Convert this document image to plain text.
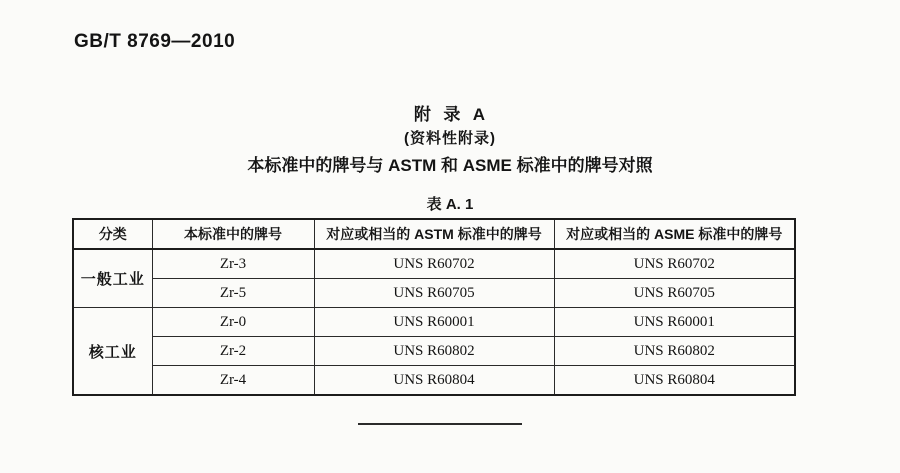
GB/T 8769—2010
附  录  A
(资料性附录)
本标准中的牌号与 ASTM 和 ASME 标准中的牌号对照
表 A. 1
分类	本标准中的牌号	对应或相当的 ASTM 标准中的牌号	对应或相当的 ASME 标准中的牌号
一般工业	Zr-3	UNS R60702	UNS R60702
	Zr-5	UNS R60705	UNS R60705
核工业	Zr-0	UNS R60001	UNS R60001
	Zr-2	UNS R60802	UNS R60802
	Zr-4	UNS R60804	UNS R60804
